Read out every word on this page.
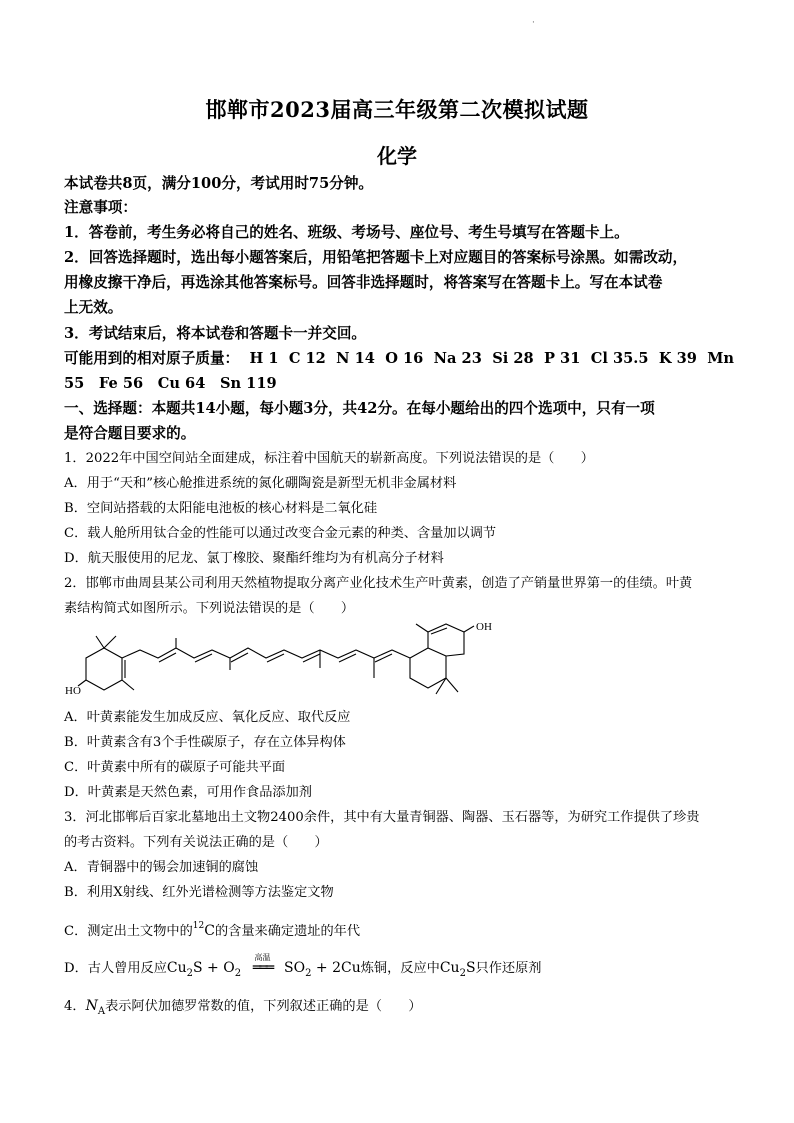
·
邯郸市2023届高三年级第二次模拟试题
化学
本试卷共8页，满分100分，考试用时75分钟。
注意事项：
1．答卷前，考生务必将自己的姓名、班级、考场号、座位号、考生号填写在答题卡上。
2．回答选择题时，选出每小题答案后，用铅笔把答题卡上对应题目的答案标号涂黑。如需改动，
用橡皮擦干净后，再选涂其他答案标号。回答非选择题时，将答案写在答题卡上。写在本试卷
上无效。
3．考试结束后，将本试卷和答题卡一并交回。
可能用到的相对原子质量： H 1 C 12 N 14 O 16 Na 23 Si 28 P 31 Cl 35.5 K 39 Mn
55　Fe 56　Cu 64　Sn 119
一、选择题：本题共14小题，每小题3分，共42分。在每小题给出的四个选项中，只有一项
是符合题目要求的。
1．2022年中国空间站全面建成，标注着中国航天的崭新高度。下列说法错误的是（　　）
A．用于“天和”核心舱推进系统的氮化硼陶瓷是新型无机非金属材料
B．空间站搭载的太阳能电池板的核心材料是二氧化硅
C．载人舱所用钛合金的性能可以通过改变合金元素的种类、含量加以调节
D．航天服使用的尼龙、氯丁橡胶、聚酯纤维均为有机高分子材料
2．邯郸市曲周县某公司利用天然植物提取分离产业化技术生产叶黄素，创造了产销量世界第一的佳绩。叶黄
素结构简式如图所示。下列说法错误的是（　　）
HO
OH
A．叶黄素能发生加成反应、氧化反应、取代反应
B．叶黄素含有3个手性碳原子，存在立体异构体
C．叶黄素中所有的碳原子可能共平面
D．叶黄素是天然色素，可用作食品添加剂
3．河北邯郸后百家北墓地出土文物2400余件，其中有大量青铜器、陶器、玉石器等，为研究工作提供了珍贵
的考古资料。下列有关说法正确的是（　　）
A．青铜器中的锡会加速铜的腐蚀
B．利用X射线、红外光谱检测等方法鉴定文物
C．测定出土文物中的$^{12}$C的含量来确定遗址的年代
D．古人曾用反应$Cu_2S + O_2$
高温
═══ $SO_2 + 2Cu$炼铜，反应中$Cu_2S$只作还原剂
4．$N_A$表示阿伏加德罗常数的值，下列叙述正确的是（　　）
